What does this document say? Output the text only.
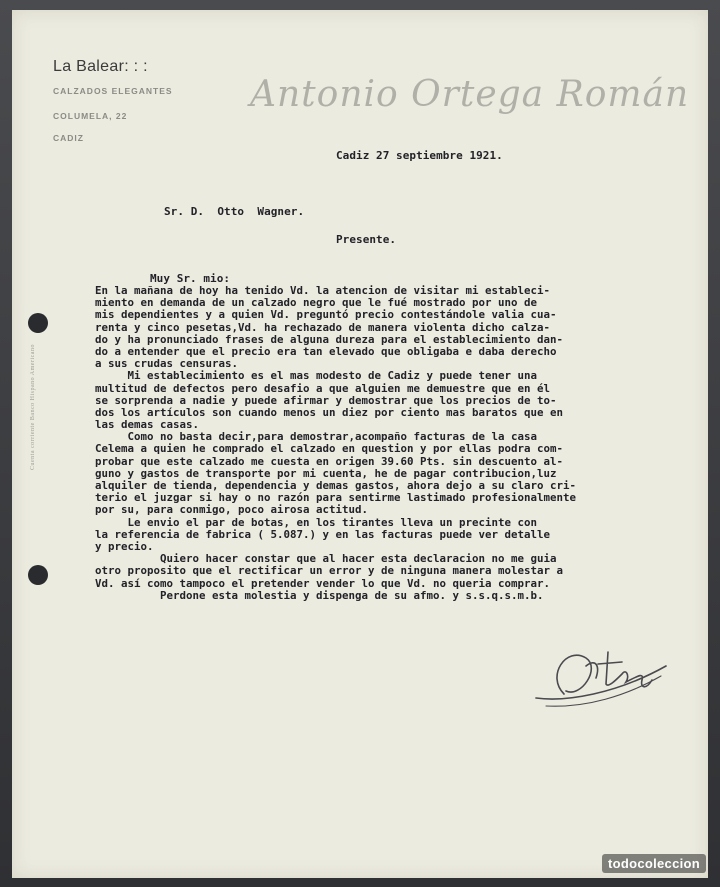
La Balear: : :
CALZADOS ELEGANTES
COLUMELA, 22
CADIZ
Antonio Ortega Román
Cuenta corriente Banco Hispano Americano
Cadiz 27 septiembre 1921.
Sr. D.  Otto  Wagner.
Presente.
Muy Sr. mio:
En la mañana de hoy ha tenido Vd. la atencion de visitar mi estableci-
miento en demanda de un calzado negro que le fué mostrado por uno de
mis dependientes y a quien Vd. preguntó precio contestándole valia cua-
renta y cinco pesetas,Vd. ha rechazado de manera violenta dicho calza-
do y ha pronunciado frases de alguna dureza para el establecimiento dan-
do a entender que el precio era tan elevado que obligaba e daba derecho
a sus crudas censuras.
Mi establecimiento es el mas modesto de Cadiz y puede tener una
multitud de defectos pero desafio a que alguien me demuestre que en él
se sorprenda a nadie y puede afirmar y demostrar que los precios de to-
dos los artículos son cuando menos un diez por ciento mas baratos que en
las demas casas.
Como no basta decir,para demostrar,acompaño facturas de la casa
Celema a quien he comprado el calzado en question y por ellas podra com-
probar que este calzado me cuesta en origen 39.60 Pts. sin descuento al-
guno y gastos de transporte por mi cuenta, he de pagar contribucion,luz
alquiler de tienda, dependencia y demas gastos, ahora dejo a su claro cri-
terio el juzgar si hay o no razón para sentirme lastimado profesionalmente
por su, para conmigo, poco airosa actitud.
Le envio el par de botas, en los tirantes lleva un precinte con
la referencia de fabrica ( 5.087.) y en las facturas puede ver detalle
y precio.
Quiero hacer constar que al hacer esta declaracion no me guia
otro proposito que el rectificar un error y de ninguna manera molestar a
Vd. así como tampoco el pretender vender lo que Vd. no queria comprar.
Perdone esta molestia y dispenga de su afmo. y s.s.q.s.m.b.
todocoleccion
